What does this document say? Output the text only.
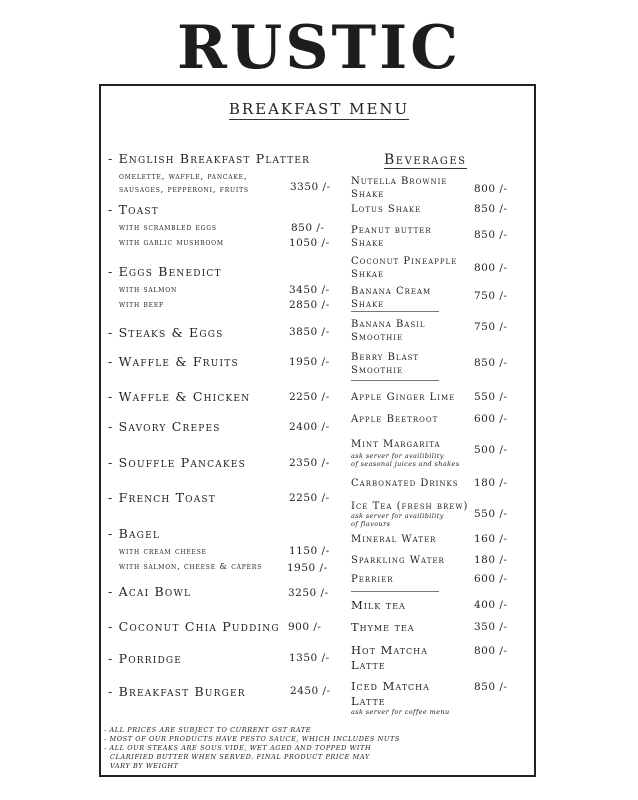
RUSTIC
BREAKFAST MENU
- English Breakfast Platter
omelette, waffle, pancake,
sausages, pepperoni, fruits	3350 /-
- Toast
with scrambled eggs	850 /-
with garlic mushroom	1050 /-
- Eggs Benedict
with salmon	3450 /-
with beef	2850 /-
- Steaks & Eggs	3850 /-
- Waffle & Fruits	1950 /-
- Waffle & Chicken	2250 /-
- Savory Crepes	2400 /-
- Souffle Pancakes	2350 /-
- French Toast	2250 /-
- Bagel
with cream cheese	1150 /-
with salmon, cheese & capers 1950 /-
- Acai Bowl	3250 /-
- Coconut Chia Pudding 900 /-
- Porridge	1350 /-
- Breakfast Burger	2450 /-
Beverages
Nutella Brownie
Shake	800 /-
Lotus Shake	850 /-
Peanut butter
Shake
850 /-
Coconut Pineapple
Shkae
800 /-
Banana Cream
Shake
750 /-
Banana Basil
Smoothie
750 /-
Berry Blast
Smoothie
850 /-
Apple Ginger Lime 550 /-
Apple Beetroot	600 /-
Mint Margarita
ask server for availibility
of seasonal juices and shakes
500 /-
Carbonated Drinks 180 /-
Ice Tea (fresh brew)
ask server for availibility
of flavours
550 /-
Mineral Water	160 /-
Sparkling Water	180 /-
Perrier	600 /-
Milk tea	400 /-
Thyme tea	350 /-
Hot Matcha
Latte
800 /-
Iced Matcha
Latte
850 /-
ask server for coffee menu
- ALL PRICES ARE SUBJECT TO CURRENT GST RATE
- MOST OF OUR PRODUCTS HAVE PESTO SAUCE, WHICH INCLUDES NUTS
- ALL OUR STEAKS ARE SOUS VIDE, WET AGED AND TOPPED WITH
CLARIFIED BUTTER WHEN SERVED. FINAL PRODUCT PRICE MAY
VARY BY WEIGHT
